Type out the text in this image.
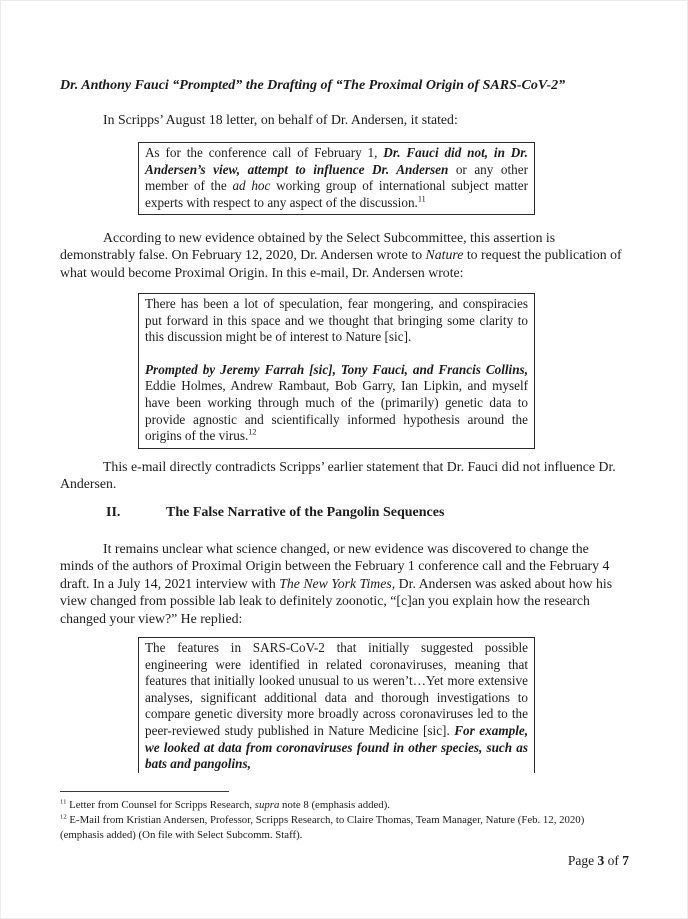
Dr. Anthony Fauci “Prompted” the Drafting of “The Proximal Origin of SARS-CoV-2”

In Scripps’ August 18 letter, on behalf of Dr. Andersen, it stated:

As for the conference call of February 1, Dr. Fauci did not, in Dr. Andersen’s view, attempt to influence Dr. Andersen or any other member of the ad hoc working group of international subject matter experts with respect to any aspect of the discussion.$^{11}$

According to new evidence obtained by the Select Subcommittee, this assertion is demonstrably false. On February 12, 2020, Dr. Andersen wrote to Nature to request the publication of what would become Proximal Origin. In this e-mail, Dr. Andersen wrote:

There has been a lot of speculation, fear mongering, and conspiracies put forward in this space and we thought that bringing some clarity to this discussion might be of interest to Nature [sic].

Prompted by Jeremy Farrah [sic], Tony Fauci, and Francis Collins, Eddie Holmes, Andrew Rambaut, Bob Garry, Ian Lipkin, and myself have been working through much of the (primarily) genetic data to provide agnostic and scientifically informed hypothesis around the origins of the virus.$^{12}$

This e-mail directly contradicts Scripps’ earlier statement that Dr. Fauci did not influence Dr. Andersen.

II.	The False Narrative of the Pangolin Sequences

It remains unclear what science changed, or new evidence was discovered to change the minds of the authors of Proximal Origin between the February 1 conference call and the February 4 draft. In a July 14, 2021 interview with The New York Times, Dr. Andersen was asked about how his view changed from possible lab leak to definitely zoonotic, “[c]an you explain how the research changed your view?” He replied:

The features in SARS-CoV-2 that initially suggested possible engineering were identified in related coronaviruses, meaning that features that initially looked unusual to us weren’t…Yet more extensive analyses, significant additional data and thorough investigations to compare genetic diversity more broadly across coronaviruses led to the peer-reviewed study published in Nature Medicine [sic]. For example, we looked at data from coronaviruses found in other species, such as bats and pangolins,

$^{11}$ Letter from Counsel for Scripps Research, supra note 8 (emphasis added).

$^{12}$ E-Mail from Kristian Andersen, Professor, Scripps Research, to Claire Thomas, Team Manager, Nature (Feb. 12, 2020) (emphasis added) (On file with Select Subcomm. Staff).

Page 3 of 7
